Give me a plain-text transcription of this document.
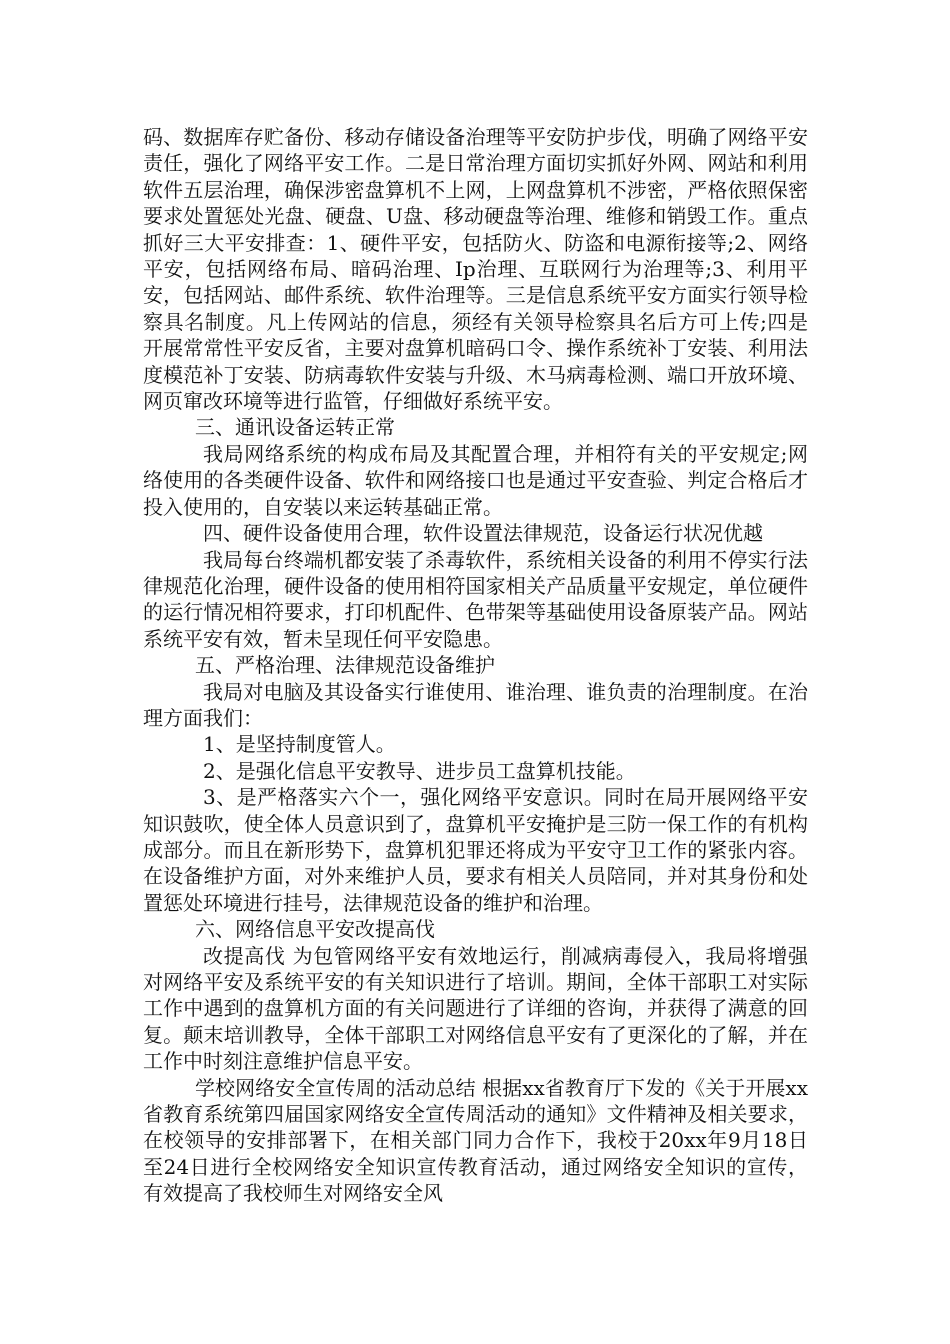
码、数据库存贮备份、移动存储设备治理等平安防护步伐，明确了网络平安责任，强化了网络平安工作。二是日常治理方面切实抓好外网、网站和利用软件五层治理，确保涉密盘算机不上网，上网盘算机不涉密，严格依照保密要求处置惩处光盘、硬盘、U盘、移动硬盘等治理、维修和销毁工作。重点抓好三大平安排查：1、硬件平安，包括防火、防盗和电源衔接等;2、网络平安，包括网络布局、暗码治理、Ip治理、互联网行为治理等;3、利用平安，包括网站、邮件系统、软件治理等。三是信息系统平安方面实行领导检察具名制度。凡上传网站的信息，须经有关领导检察具名后方可上传;四是开展常常性平安反省，主要对盘算机暗码口令、操作系统补丁安装、利用法度模范补丁安装、防病毒软件安装与升级、木马病毒检测、端口开放环境、网页窜改环境等进行监管，仔细做好系统平安。

三、通讯设备运转正常

我局网络系统的构成布局及其配置合理，并相符有关的平安规定;网络使用的各类硬件设备、软件和网络接口也是通过平安查验、判定合格后才投入使用的，自安装以来运转基础正常。

四、硬件设备使用合理，软件设置法律规范，设备运行状况优越

我局每台终端机都安装了杀毒软件，系统相关设备的利用不停实行法律规范化治理，硬件设备的使用相符国家相关产品质量平安规定，单位硬件的运行情况相符要求，打印机配件、色带架等基础使用设备原装产品。网站系统平安有效，暂未呈现任何平安隐患。

五、严格治理、法律规范设备维护

我局对电脑及其设备实行谁使用、谁治理、谁负责的治理制度。在治理方面我们：

1、是坚持制度管人。

2、是强化信息平安教导、进步员工盘算机技能。

3、是严格落实六个一，强化网络平安意识。同时在局开展网络平安知识鼓吹，使全体人员意识到了，盘算机平安掩护是三防一保工作的有机构成部分。而且在新形势下，盘算机犯罪还将成为平安守卫工作的紧张内容。在设备维护方面，对外来维护人员，要求有相关人员陪同，并对其身份和处置惩处环境进行挂号，法律规范设备的维护和治理。

六、网络信息平安改提高伐

改提高伐 为包管网络平安有效地运行，削减病毒侵入，我局将增强对网络平安及系统平安的有关知识进行了培训。期间，全体干部职工对实际工作中遇到的盘算机方面的有关问题进行了详细的咨询，并获得了满意的回复。颠末培训教导，全体干部职工对网络信息平安有了更深化的了解，并在工作中时刻注意维护信息平安。

学校网络安全宣传周的活动总结 根据xx省教育厅下发的《关于开展xx省教育系统第四届国家网络安全宣传周活动的通知》文件精神及相关要求，在校领导的安排部署下，在相关部门同力合作下，我校于20xx年9月18日至24日进行全校网络安全知识宣传教育活动，通过网络安全知识的宣传，有效提高了我校师生对网络安全风
